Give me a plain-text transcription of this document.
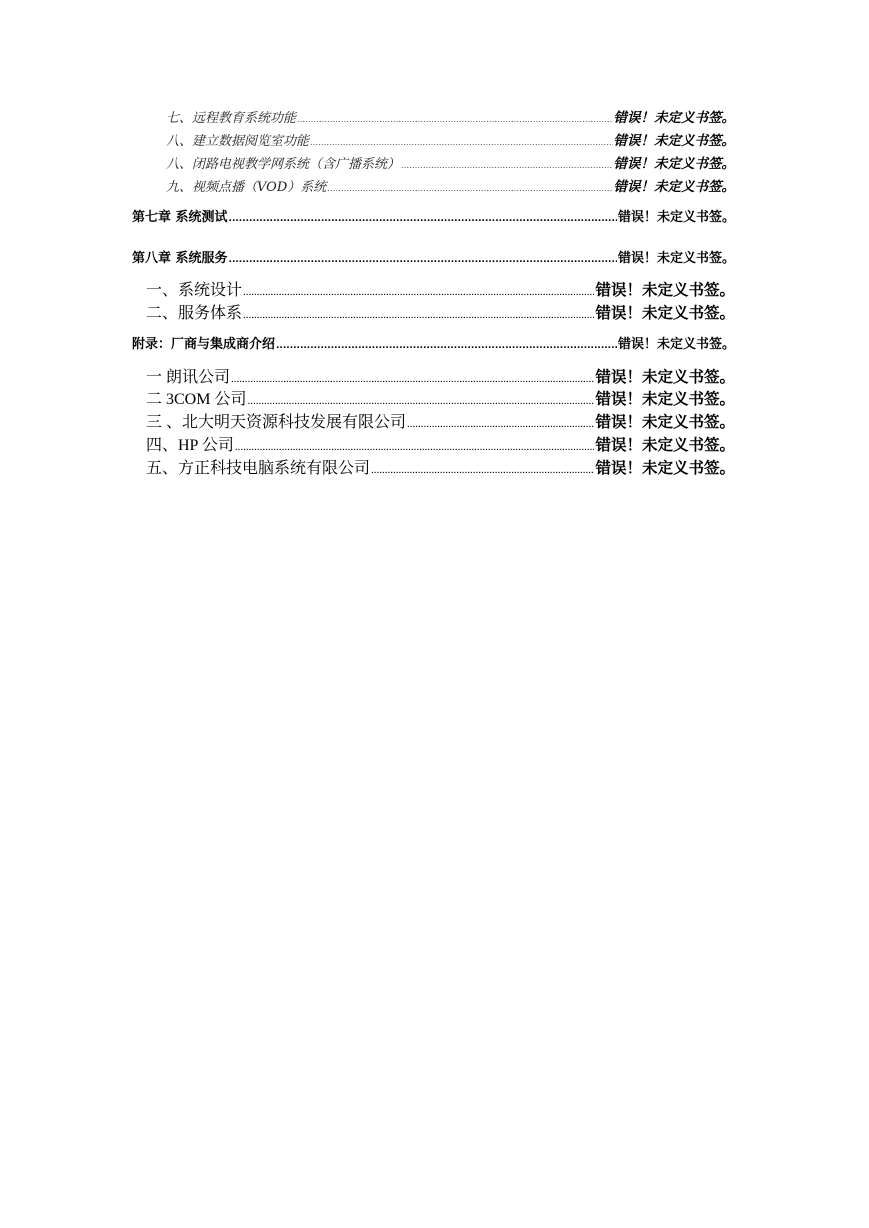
七、远程教育系统功能 .....	错误！未定义书签。
八、建立数据阅览室功能 .....	错误！未定义书签。
八、闭路电视教学网系统（含广播系统） .....	错误！未定义书签。
九、视频点播（VOD）系统 .....	错误！未定义书签。
第七章 系统测试 .....	错误！未定义书签。
第八章 系统服务 .....	错误！未定义书签。
一、系统设计 .....	错误！未定义书签。
二、服务体系 .....	错误！未定义书签。
附录：厂商与集成商介绍 .....	错误！未定义书签。
一 朗讯公司 .....	错误！未定义书签。
二 3COM 公司 .....	错误！未定义书签。
三 、北大明天资源科技发展有限公司 .....	错误！未定义书签。
四、HP 公司 .....	错误！未定义书签。
五、方正科技电脑系统有限公司 .....	错误！未定义书签。
